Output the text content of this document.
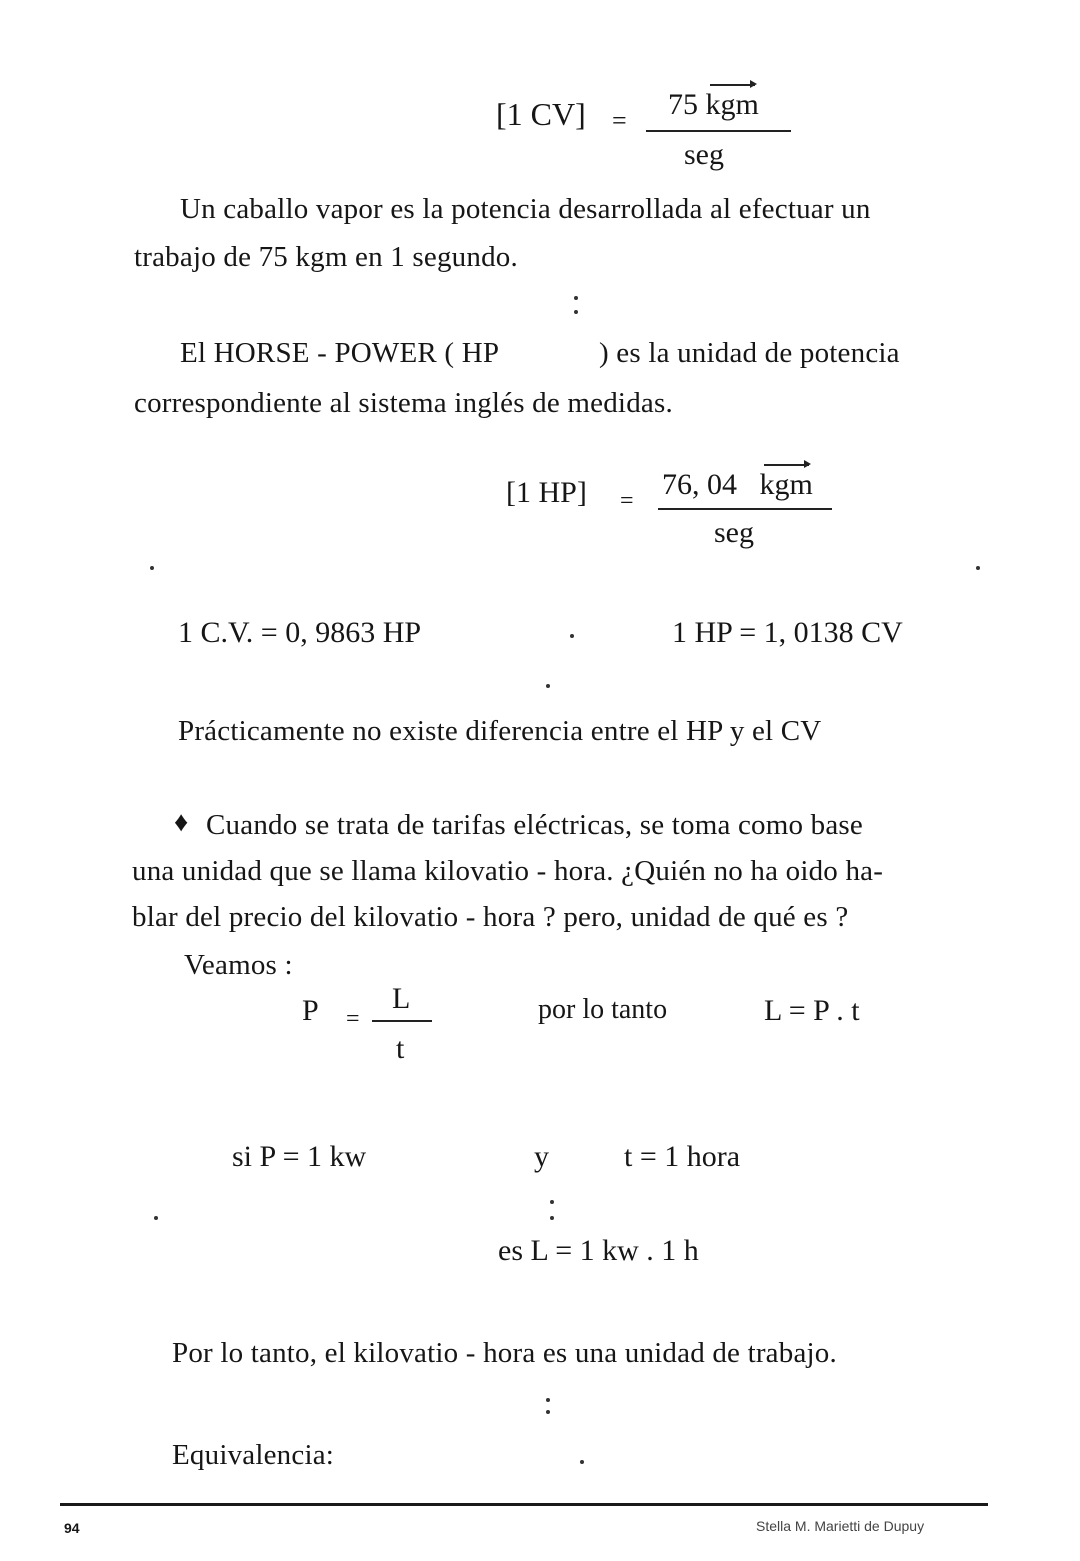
[1 CV] = 75 kgm
seg
Un caballo vapor es la potencia desarrollada al efectuar un
trabajo de 75 kgm en 1 segundo.
El HORSE - POWER ( HP	) es la unidad de potencia
correspondiente al sistema inglés de medidas.
[1 HP] = 76, 04 kgm
seg
1 C.V. = 0, 9863 HP	1 HP = 1, 0138 CV
Prácticamente no existe diferencia entre el HP y el CV
♦ Cuando se trata de tarifas eléctricas, se toma como base
una unidad que se llama kilovatio - hora. ¿Quién no ha oido ha-
blar del precio del kilovatio - hora ? pero, unidad de qué es ?
Veamos :
P =
L
t
por lo tanto	L = P . t
si P = 1 kw	y	t = 1 hora
es L = 1 kw . 1 h
Por lo tanto, el kilovatio - hora es una unidad de trabajo.
Equivalencia:
94	Stella M. Marietti de Dupuy
